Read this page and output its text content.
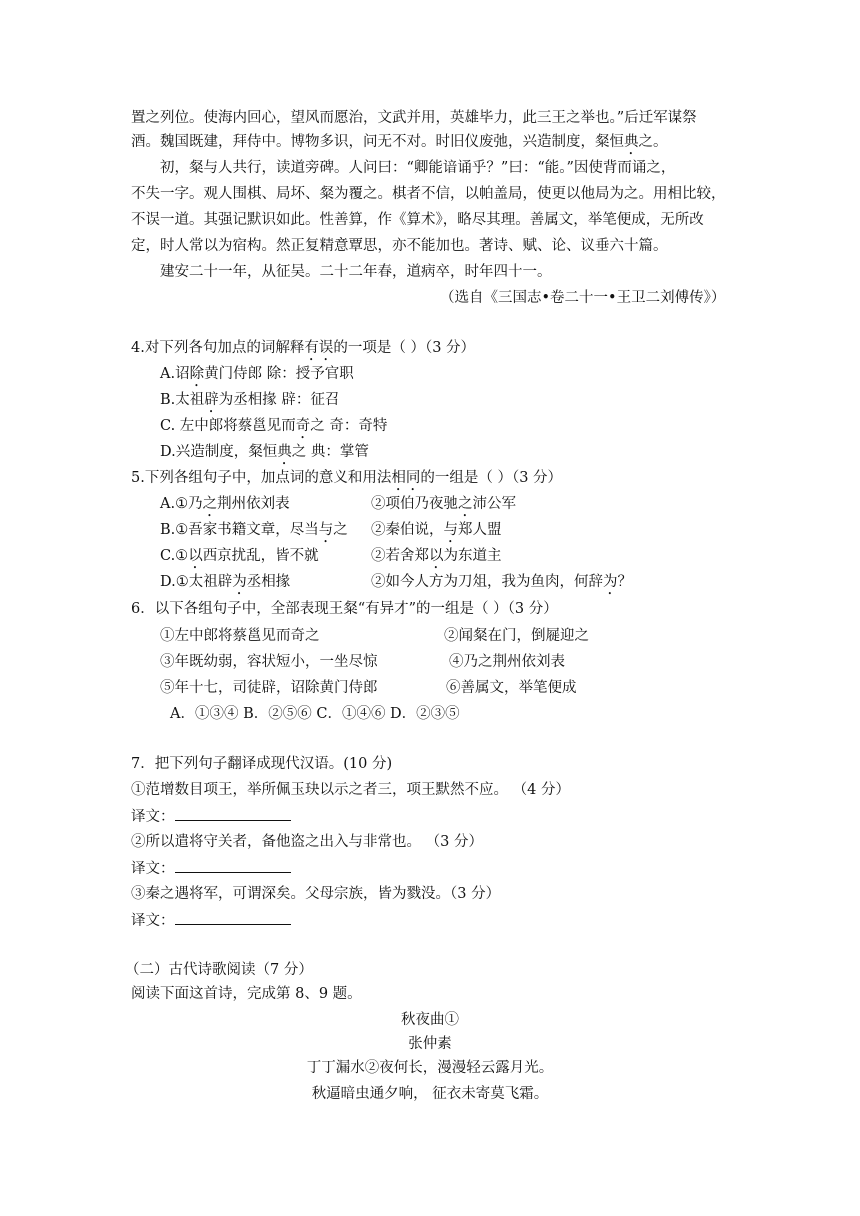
置之列位。使海内回心，望风而愿治，文武并用，英雄毕力，此三王之举也。”后迁军谋祭
酒。魏国既建，拜侍中。博物多识，问无不对。时旧仪废弛，兴造制度，粲恒典之。
初，粲与人共行，读道旁碑。人问曰：“卿能谙诵乎？”曰：“能。”因使背而诵之，
不失一字。观人围棋、局坏、粲为覆之。棋者不信，以帕盖局，使更以他局为之。用相比较，
不误一道。其强记默识如此。性善算，作《算术》，略尽其理。善属文，举笔便成，无所改
定，时人常以为宿构。然正复精意覃思，亦不能加也。著诗、赋、论、议垂六十篇。
建安二十一年，从征吴。二十二年春，道病卒，时年四十一。
（选自《三国志•卷二十一•王卫二刘傅传》）
4.对下列各句加点的词解释有误的一项是（ ）（3 分）
A.诏除黄门侍郎 除：授予官职
B.太祖辟为丞相掾 辟：征召
C. 左中郎将蔡邕见而奇之 奇：奇特
D.兴造制度，粲恒典之 典：掌管
5.下列各组句子中，加点词的意义和用法相同的一组是（ ）（3 分）
A.①乃之荆州依刘表	②项伯乃夜驰之沛公军
B.①吾家书籍文章，尽当与之 ②秦伯说，与郑人盟
C.①以西京扰乱，皆不就	②若舍郑以为东道主
D.①太祖辟为丞相掾	②如今人方为刀俎，我为鱼肉，何辞为？
6．以下各组句子中，全部表现王粲“有异才”的一组是（ ）（3 分）
①左中郎将蔡邕见而奇之	②闻粲在门，倒屣迎之
③年既幼弱，容状短小，一坐尽惊	④乃之荆州依刘表
⑤年十七，司徒辟，诏除黄门侍郎	⑥善属文，举笔便成
A．①③④ B．②⑤⑥ C．①④⑥ D．②③⑤
7．把下列句子翻译成现代汉语。(10 分)
①范增数目项王，举所佩玉玦以示之者三，项王默然不应。 （4 分）
译文：
②所以遣将守关者，备他盗之出入与非常也。 （3 分）
译文：
③秦之遇将军，可谓深矣。父母宗族，皆为戮没。（3 分）
译文：
（二）古代诗歌阅读（7 分）
阅读下面这首诗，完成第 8、9 题。
秋夜曲①
张仲素
丁丁漏水②夜何长，漫漫轻云露月光。
秋逼暗虫通夕响， 征衣未寄莫飞霜。
